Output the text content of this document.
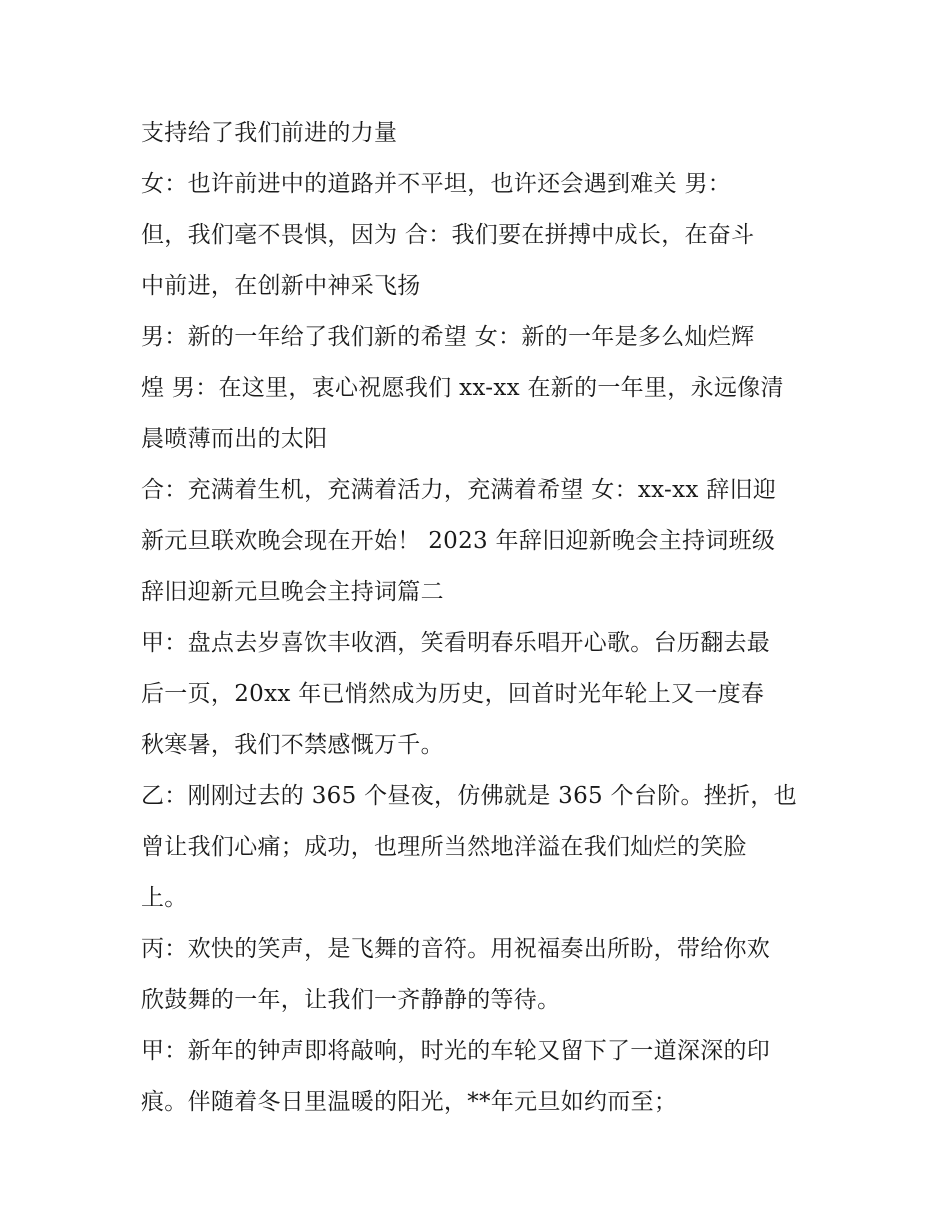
支持给了我们前进的力量
女：也许前进中的道路并不平坦，也许还会遇到难关 男：
但，我们毫不畏惧，因为 合：我们要在拼搏中成长，在奋斗
中前进，在创新中神采飞扬
男：新的一年给了我们新的希望 女：新的一年是多么灿烂辉
煌 男：在这里，衷心祝愿我们 xx-xx 在新的一年里，永远像清
晨喷薄而出的太阳
合：充满着生机，充满着活力，充满着希望 女：xx-xx 辞旧迎
新元旦联欢晚会现在开始！ 2023 年辞旧迎新晚会主持词班级
辞旧迎新元旦晚会主持词篇二
甲：盘点去岁喜饮丰收酒，笑看明春乐唱开心歌。台历翻去最
后一页，20xx 年已悄然成为历史，回首时光年轮上又一度春
秋寒暑，我们不禁感慨万千。
乙：刚刚过去的 365 个昼夜，仿佛就是 365 个台阶。挫折，也
曾让我们心痛；成功，也理所当然地洋溢在我们灿烂的笑脸
上。
丙：欢快的笑声，是飞舞的音符。用祝福奏出所盼，带给你欢
欣鼓舞的一年，让我们一齐静静的等待。
甲：新年的钟声即将敲响，时光的车轮又留下了一道深深的印
痕。伴随着冬日里温暖的阳光，**年元旦如约而至；
